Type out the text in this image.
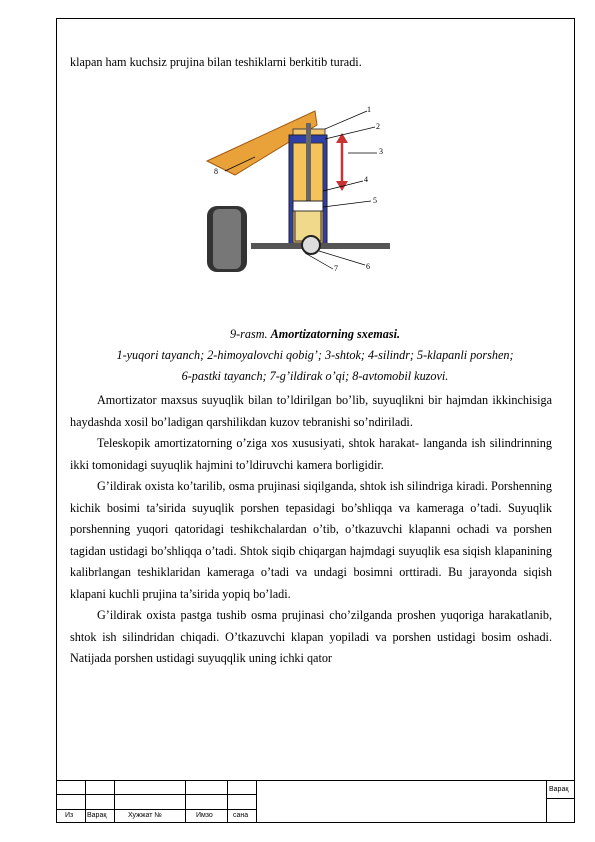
klapan ham kuchsiz prujina bilan teshiklarni berkitib turadi.

1
2
3
4
5
6
7
8
9-rasm. Amortizatorning sxemasi.
1-yuqori tayanch; 2-himoyalovchi qobig’; 3-shtok; 4-silindr; 5-klapanli porshen;
6-pastki tayanch; 7-g’ildirak o’qi; 8-avtomobil kuzovi.

Amortizator maxsus suyuqlik bilan to’ldirilgan bo’lib, suyuqlikni bir hajmdan ikkinchisiga haydashda xosil bo’ladigan qarshilikdan kuzov tebranishi so’ndiriladi.

Teleskopik amortizatorning o’ziga xos xususiyati, shtok harakat- langanda ish silindrinning ikki tomonidagi suyuqlik hajmini to’ldiruvchi kamera borligidir.

G’ildirak oxista ko’tarilib, osma prujinasi siqilganda, shtok ish silindriga kiradi. Porshenning kichik bosimi ta’sirida suyuqlik porshen tepasidagi bo’shliqqa va kameraga o’tadi. Suyuqlik porshenning yuqori qatoridagi teshikchalardan o’tib, o’tkazuvchi klapanni ochadi va porshen tagidan ustidagi bo’shliqqa o’tadi. Shtok siqib chiqargan hajmdagi suyuqlik esa siqish klapanining kalibrlangan teshiklaridan kameraga o’tadi va undagi bosimni orttiradi. Bu jarayonda siqish klapani kuchli prujina ta’sirida yopiq bo’ladi.

G’ildirak oxista pastga tushib osma prujinasi cho’zilganda proshen yuqoriga harakatlanib, shtok ish silindridan chiqadi. O’tkazuvchi klapan yopiladi va porshen ustidagi bosim oshadi. Natijada porshen ustidagi suyuqqlik uning ichki qator

Из Варақ	Хужжат №	Имзо	сана
Варақ
